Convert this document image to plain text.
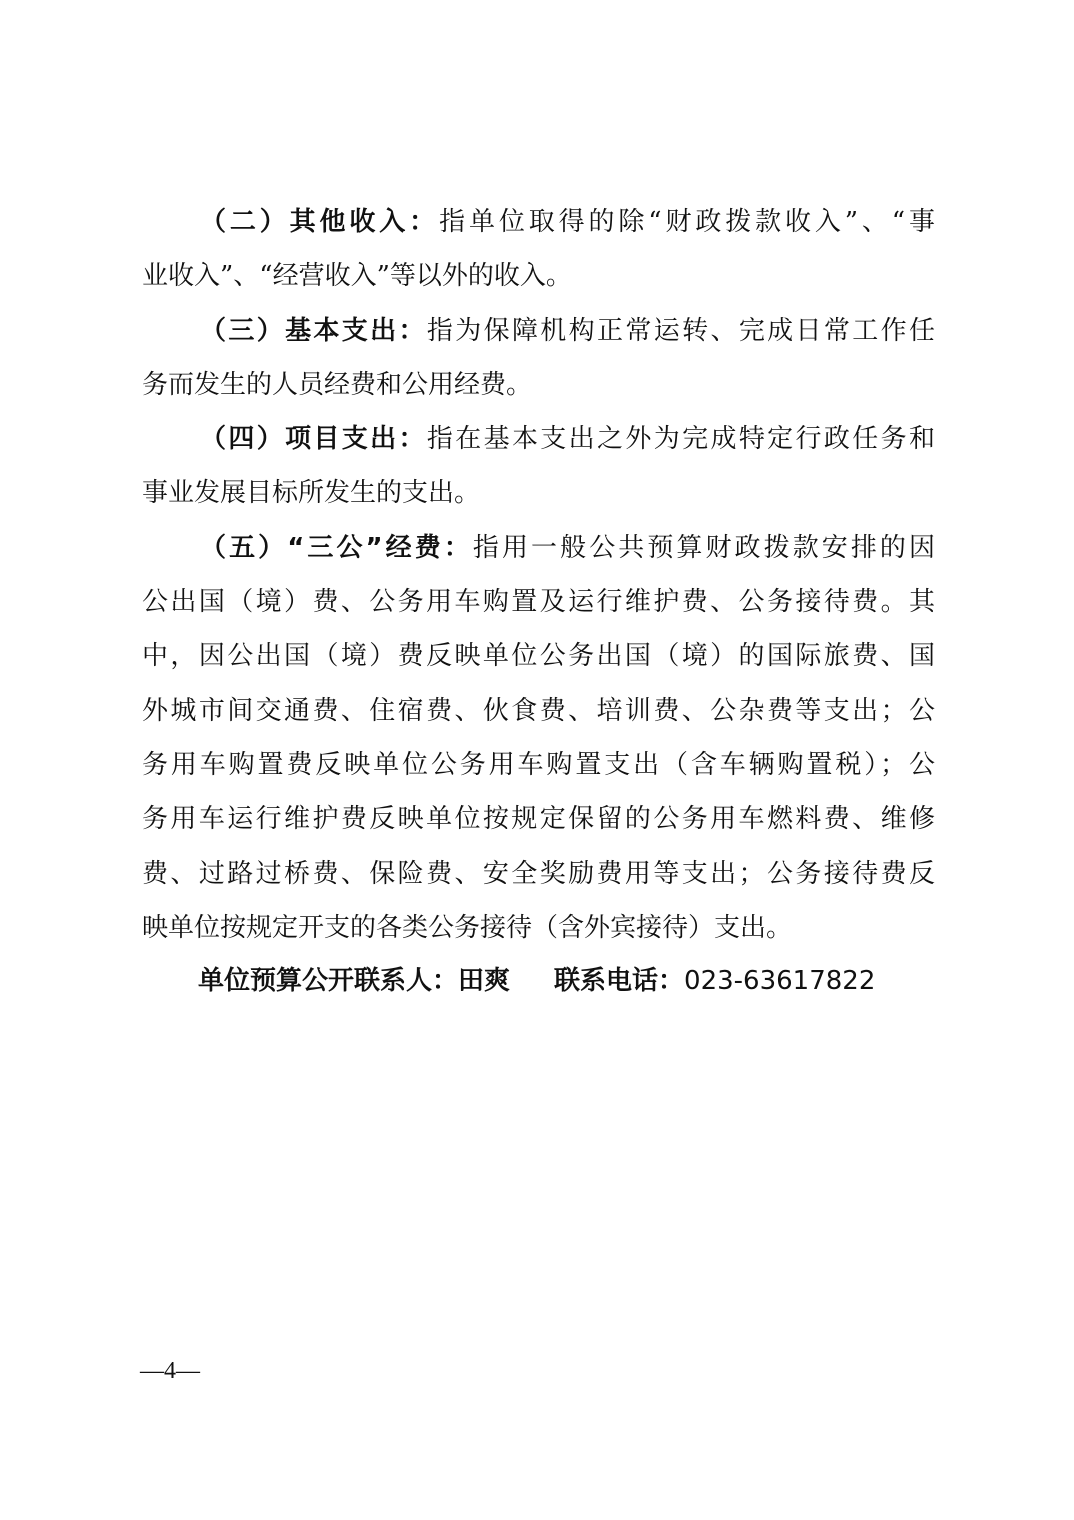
（二）其他收入：指单位取得的除“财政拨款收入”、“事
业收入”、“经营收入”等以外的收入。
（三）基本支出：指为保障机构正常运转、完成日常工作任
务而发生的人员经费和公用经费。
（四）项目支出：指在基本支出之外为完成特定行政任务和
事业发展目标所发生的支出。
（五）“三公”经费：指用一般公共预算财政拨款安排的因
公出国（境）费、公务用车购置及运行维护费、公务接待费。其
中，因公出国（境）费反映单位公务出国（境）的国际旅费、国
外城市间交通费、住宿费、伙食费、培训费、公杂费等支出；公
务用车购置费反映单位公务用车购置支出（含车辆购置税）；公
务用车运行维护费反映单位按规定保留的公务用车燃料费、维修
费、过路过桥费、保险费、安全奖励费用等支出；公务接待费反
映单位按规定开支的各类公务接待（含外宾接待）支出。
单位预算公开联系人：田爽 联系电话：023-63617822
—4—
